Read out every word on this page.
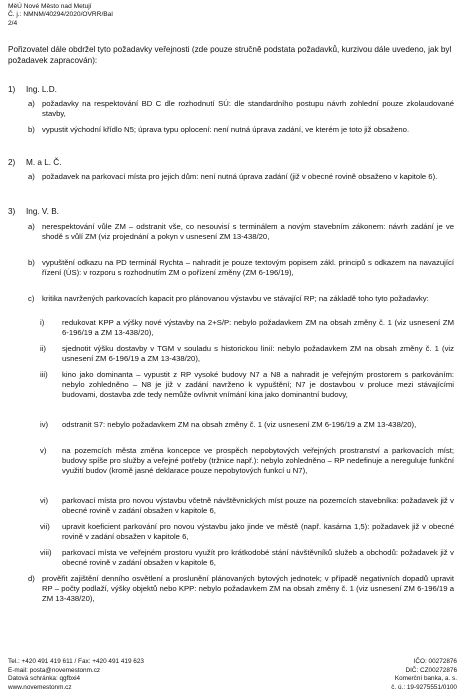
MěÚ Nové Město nad Metují
Č. j.: NMNM/40294/2020/OVRR/Bal
2/4
Pořizovatel dále obdržel tyto požadavky veřejnosti (zde pouze stručně podstata požadavků, kurzivou dále uvedeno, jak byl požadavek zapracován):
1) Ing. L.D.
a) požadavky na respektování BD C dle rozhodnutí SÚ: dle standardního postupu návrh zohlední pouze zkolaudované stavby,
b) vypustit východní křídlo N5; úprava typu oplocení: není nutná úprava zadání, ve kterém je toto již obsaženo.
2) M. a L. Č.
a) požadavek na parkovací místa pro jejich dům: není nutná úprava zadání (již v obecné rovině obsaženo v kapitole 6).
3) Ing. V. B.
a) nerespektování vůle ZM – odstranit vše, co nesouvisí s terminálem a novým stavebním zákonem: návrh zadání je ve shodě s vůlí ZM (viz projednání a pokyn v usnesení ZM 13-438/20,
b) vypuštění odkazu na PD terminál Rychta – nahradit je pouze textovým popisem zákl. principů s odkazem na navazující řízení (ÚS): v rozporu s rozhodnutím ZM o pořízení změny (ZM 6-196/19),
c) kritika navržených parkovacích kapacit pro plánovanou výstavbu ve stávající RP; na základě toho tyto požadavky:
i) redukovat KPP a výšky nové výstavby na 2+S/P: nebylo požadavkem ZM na obsah změny č. 1 (viz usnesení ZM 6-196/19 a ZM 13-438/20),
ii) sjednotit výšku dostavby v TGM v souladu s historickou linií: nebylo požadavkem ZM na obsah změny č. 1 (viz usnesení ZM 6-196/19 a ZM 13-438/20),
iii) kino jako dominanta – vypustit z RP vysoké budovy N7 a N8 a nahradit je veřejným prostorem s parkováním: nebylo zohledněno – N8 je již v zadání navrženo k vypuštění; N7 je dostavbou v proluce mezi stávajícími budovami, dostavba zde tedy nemůže ovlivnit vnímání kina jako dominantní budovy,
iv) odstranit S7: nebylo požadavkem ZM na obsah změny č. 1 (viz usnesení ZM 6-196/19 a ZM 13-438/20),
v) na pozemcích města změna koncepce ve prospěch nepobytových veřejných prostranství a parkovacích míst; budovy spíše pro služby a veřejné potřeby (tržnice např.): nebylo zohledněno – RP nedefinuje a nereguluje funkční využití budov (kromě jasné deklarace pouze nepobytových funkcí u N7),
vi) parkovací místa pro novou výstavbu včetně návštěvnických míst pouze na pozemcích stavebníka: požadavek již v obecné rovině v zadání obsažen v kapitole 6,
vii) upravit koeficient parkování pro novou výstavbu jako jinde ve městě (např. kasárna 1,5): požadavek již v obecné rovině v zadání obsažen v kapitole 6,
viii) parkovací místa ve veřejném prostoru využít pro krátkodobé stání návštěvníků služeb a obchodů: požadavek již v obecné rovině v zadání obsažen v kapitole 6,
d) prověřit zajištění denního osvětlení a proslunění plánovaných bytových jednotek; v případě negativních dopadů upravit RP – počty podlaží, výšky objektů nebo KPP: nebylo požadavkem ZM na obsah změny č. 1 (viz usnesení ZM 6-196/19 a ZM 13-438/20),
Tel.: +420 491 419 611 / Fax: +420 491 419 623
E-mail: posta@novemestonm.cz
Datová schránka: qgfbxi4
www.novemestonm.cz
IČO: 00272876
DIČ: CZ00272876
Komerční banka, a. s.
č. ú.: 19-9275551/0100
